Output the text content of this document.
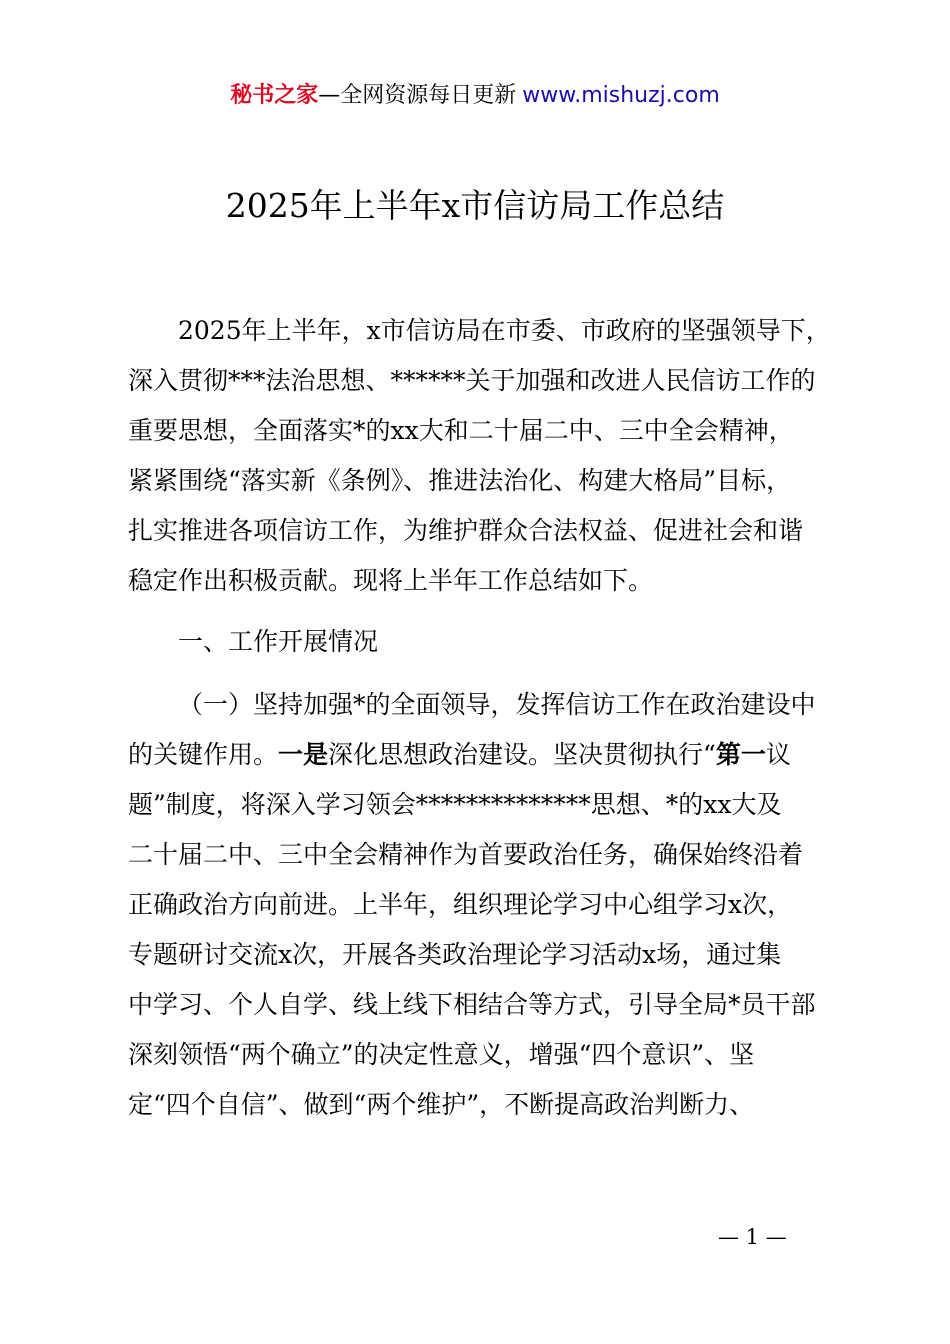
秘书之家—全网资源每日更新 www.mishuzj.com
2025年上半年x市信访局工作总结

2025年上半年，x市信访局在市委、市政府的坚强领导下，
深入贯彻***法治思想、******关于加强和改进人民信访工作的
重要思想，全面落实*的xx大和二十届二中、三中全会精神，
紧紧围绕“落实新《条例》、推进法治化、构建大格局”目标，
扎实推进各项信访工作，为维护群众合法权益、促进社会和谐
稳定作出积极贡献。现将上半年工作总结如下。

一、工作开展情况

（一）坚持加强*的全面领导，发挥信访工作在政治建设中
的关键作用。一是深化思想政治建设。坚决贯彻执行“第一议
题”制度，将深入学习领会**************思想、*的xx大及
二十届二中、三中全会精神作为首要政治任务，确保始终沿着
正确政治方向前进。上半年，组织理论学习中心组学习x次，
专题研讨交流x次，开展各类政治理论学习活动x场，通过集
中学习、个人自学、线上线下相结合等方式，引导全局*员干部
深刻领悟“两个确立”的决定性意义，增强“四个意识”、坚
定“四个自信”、做到“两个维护”，不断提高政治判断力、

— 1 —
